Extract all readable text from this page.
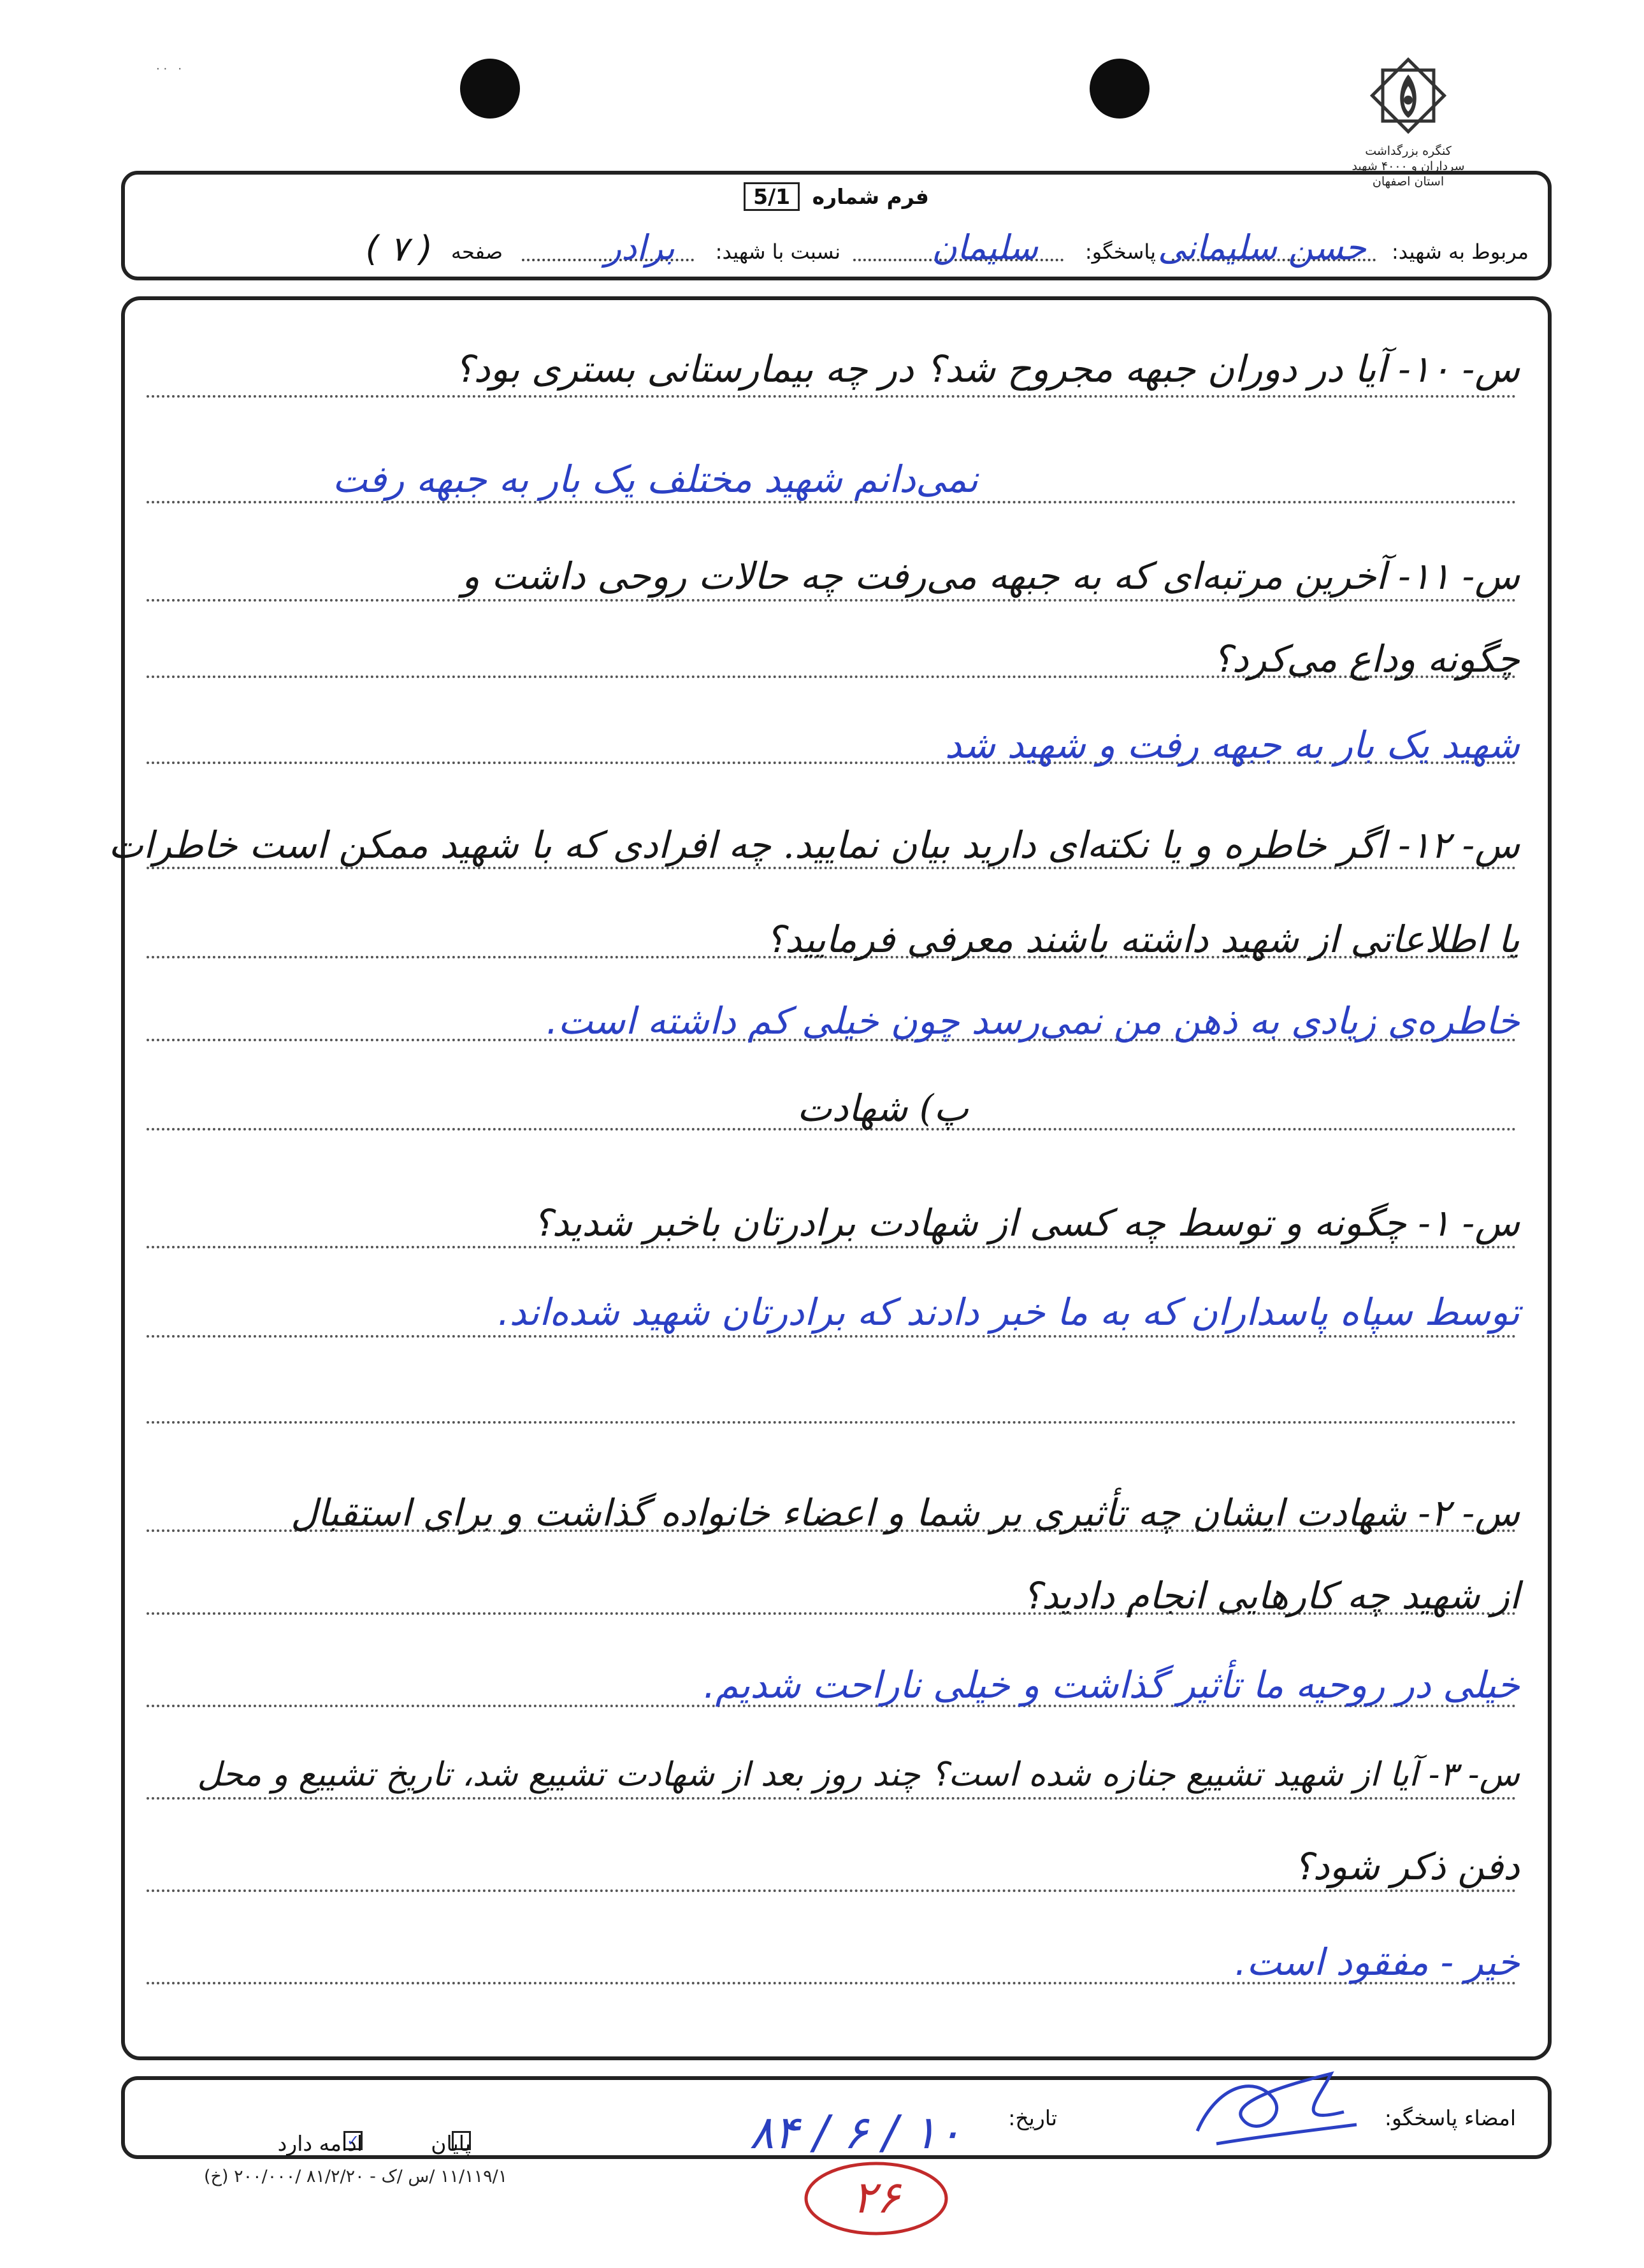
· ·   ·
کنگره بزرگداشت سرداران و ۴۰۰۰ شهید استان اصفهان
فرم شماره 5/1
مربوط به شهید:
حسن سلیمانی
پاسخگو:
سلیمان
نسبت با شهید:
برادر
صفحه
( ۷ )
س- ۱۰- آیا در دوران جبهه مجروح شد؟ در چه بیمارستانی بستری بود؟
نمی‌دانم شهید مختلف یک بار به جبهه رفت
س- ۱۱- آخرین مرتبه‌ای که به جبهه می‌رفت چه حالات روحی داشت و
چگونه وداع می‌کرد؟
شهید یک بار به جبهه رفت و شهید شد
س- ۱۲- اگر خاطره و یا نکته‌ای دارید بیان نمایید. چه افرادی که با شهید ممکن است خاطرات
یا اطلاعاتی از شهید داشته باشند معرفی فرمایید؟
خاطره‌ی زیادی به ذهن من نمی‌رسد چون خیلی کم داشته است.
پ) شهادت
س- ۱- چگونه و توسط چه کسی از شهادت برادرتان باخبر شدید؟
توسط سپاه پاسداران که به ما خبر دادند که برادرتان شهید شده‌اند.
س- ۲- شهادت ایشان چه تأثیری بر شما و اعضاء خانواده گذاشت و برای استقبال
از شهید چه کارهایی انجام دادید؟
خیلی در روحیه ما تأثیر گذاشت و خیلی ناراحت شدیم.
س- ۳- آیا از شهید تشییع جنازه شده است؟ چند روز بعد از شهادت تشییع شد، تاریخ تشییع و محل
دفن ذکر شود؟
خیر - مفقود است.
امضاء پاسخگو:
تاریخ:
۸۴ / ۶ / ۱۰
پایان
✓
ادامه دارد
۱۱/۱۱۹/۱ /س /ک - ۸۱/۲/۲۰ /۲۰۰/۰۰۰ (خ)	۲۶
